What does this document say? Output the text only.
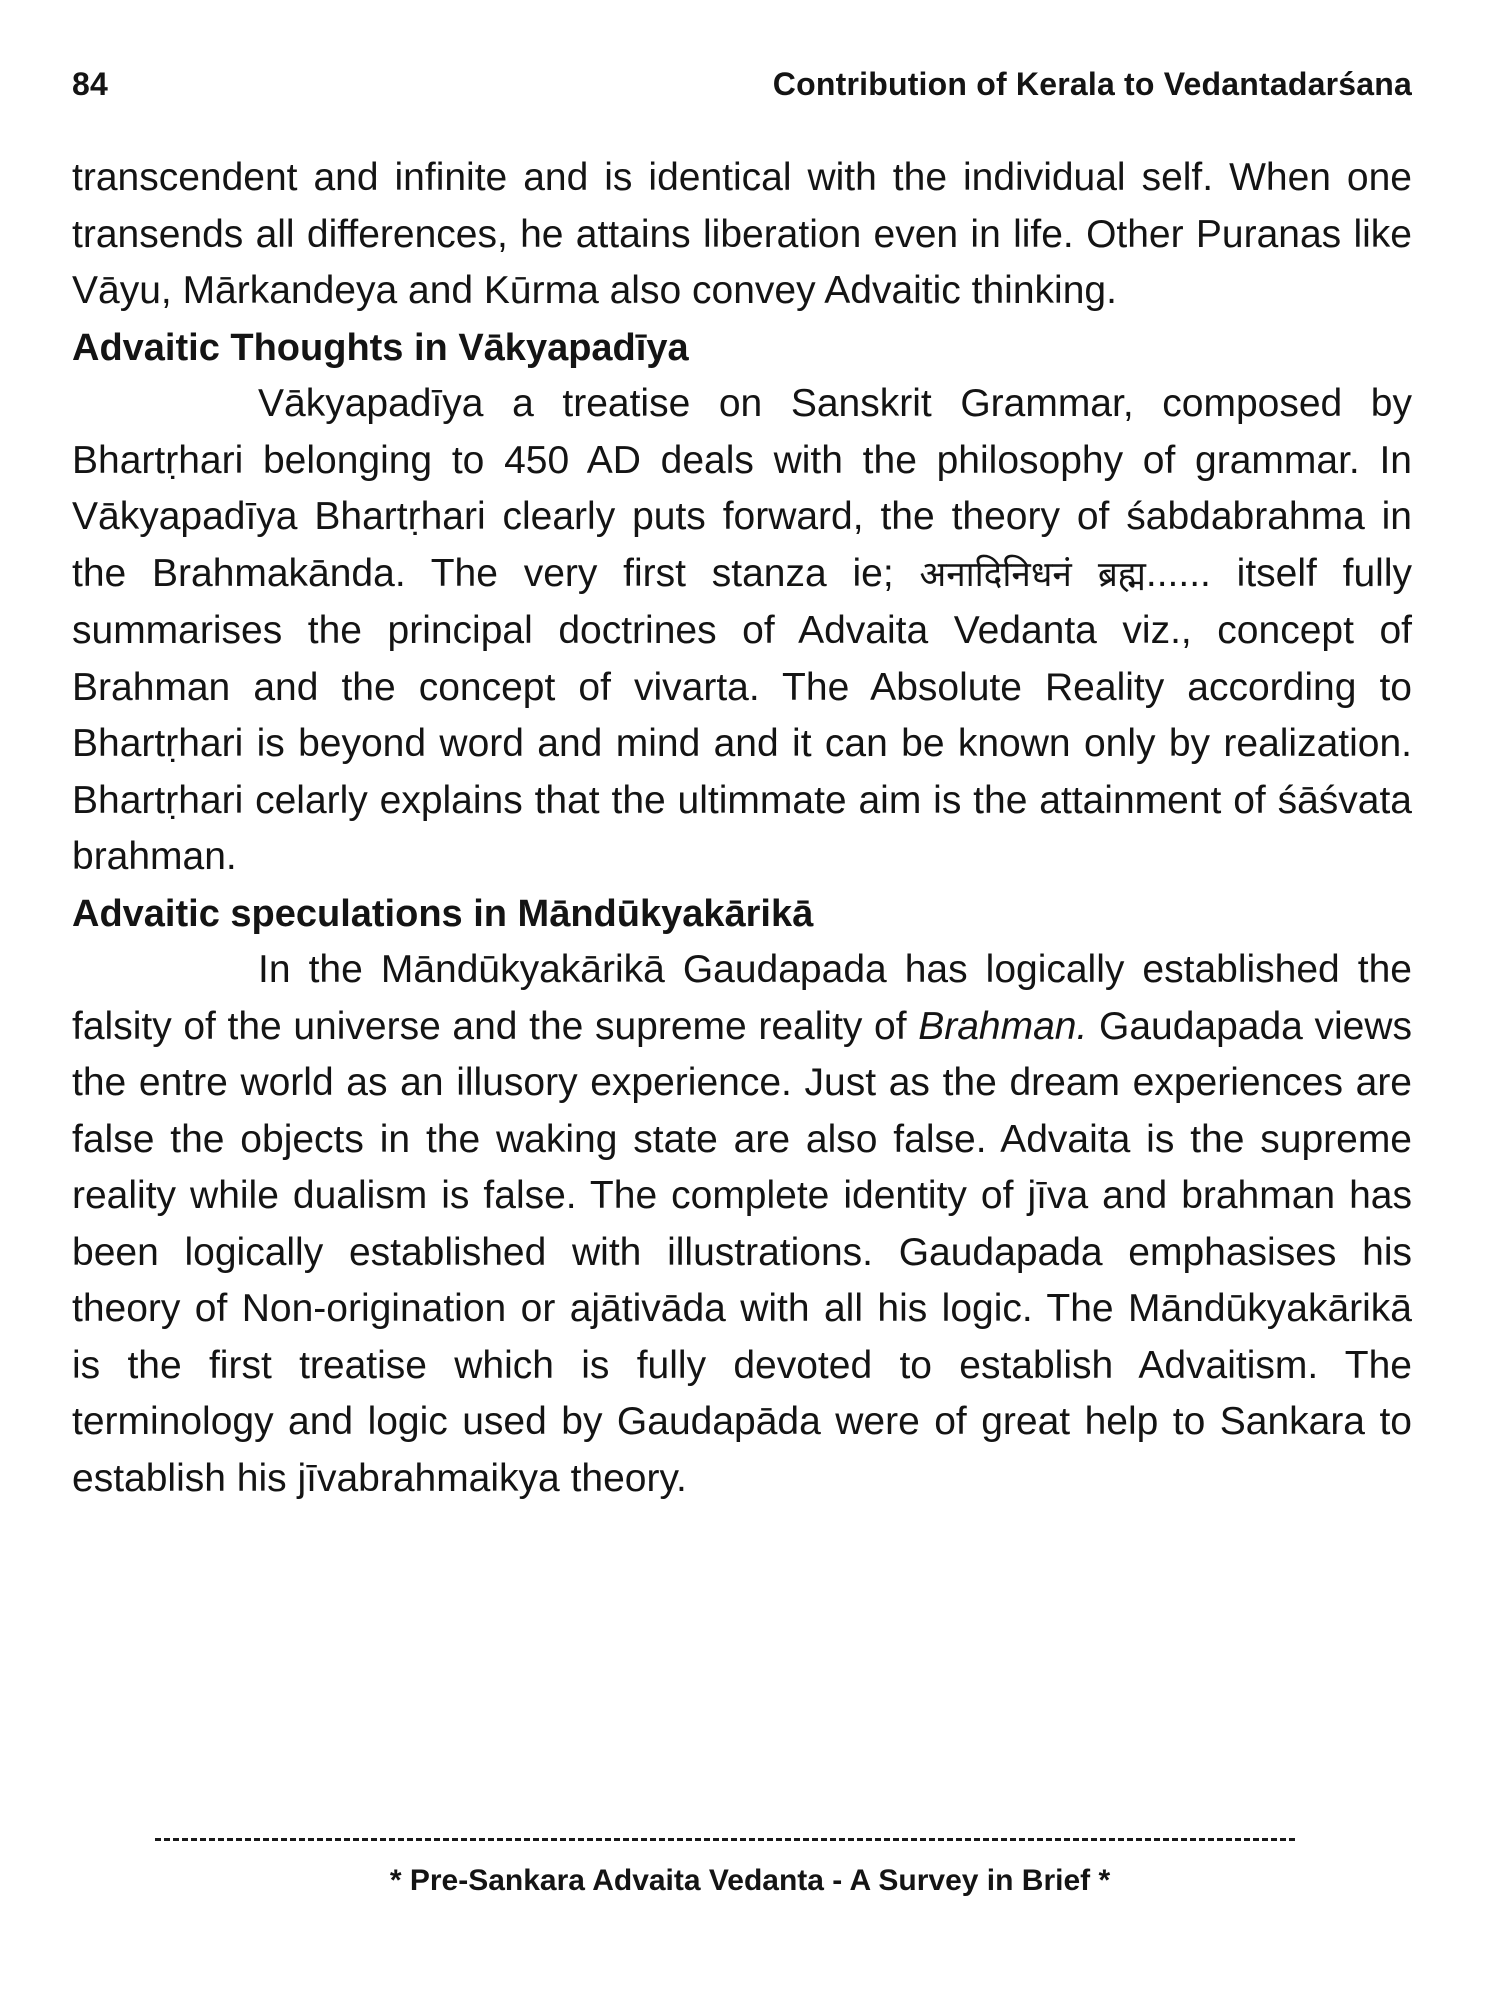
84	Contribution of Kerala to Vedantadarśana

transcendent and infinite and is identical with the individual self. When one transends all differences, he attains liberation even in life. Other Puranas like Vāyu, Mārkandeya and Kūrma also convey Advaitic thinking.

Advaitic Thoughts in Vākyapadīya

Vākyapadīya a treatise on Sanskrit Grammar, composed by Bhartṛhari belonging to 450 AD deals with the philosophy of grammar. In Vākyapadīya Bhartṛhari clearly puts forward, the theory of śabdabrahma in the Brahmakānda. The very first stanza ie; अनादिनिधनं ब्रह्म...... itself fully summarises the principal doctrines of Advaita Vedanta viz., concept of Brahman and the concept of vivarta. The Absolute Reality according to Bhartṛhari is beyond word and mind and it can be known only by realization. Bhartṛhari celarly explains that the ultimmate aim is the attainment of śāśvata brahman.

Advaitic speculations in Māndūkyakārikā

In the Māndūkyakārikā Gaudapada has logically established the falsity of the universe and the supreme reality of Brahman. Gaudapada views the entre world as an illusory experience. Just as the dream experiences are false the objects in the waking state are also false. Advaita is the supreme reality while dualism is false. The complete identity of jīva and brahman has been logically established with illustrations. Gaudapada emphasises his theory of Non-origination or ajātivāda with all his logic. The Māndūkyakārikā is the first treatise which is fully devoted to establish Advaitism. The terminology and logic used by Gaudapāda were of great help to Sankara to establish his jīvabrahmaikya theory.

* Pre-Sankara Advaita Vedanta - A Survey in Brief *
